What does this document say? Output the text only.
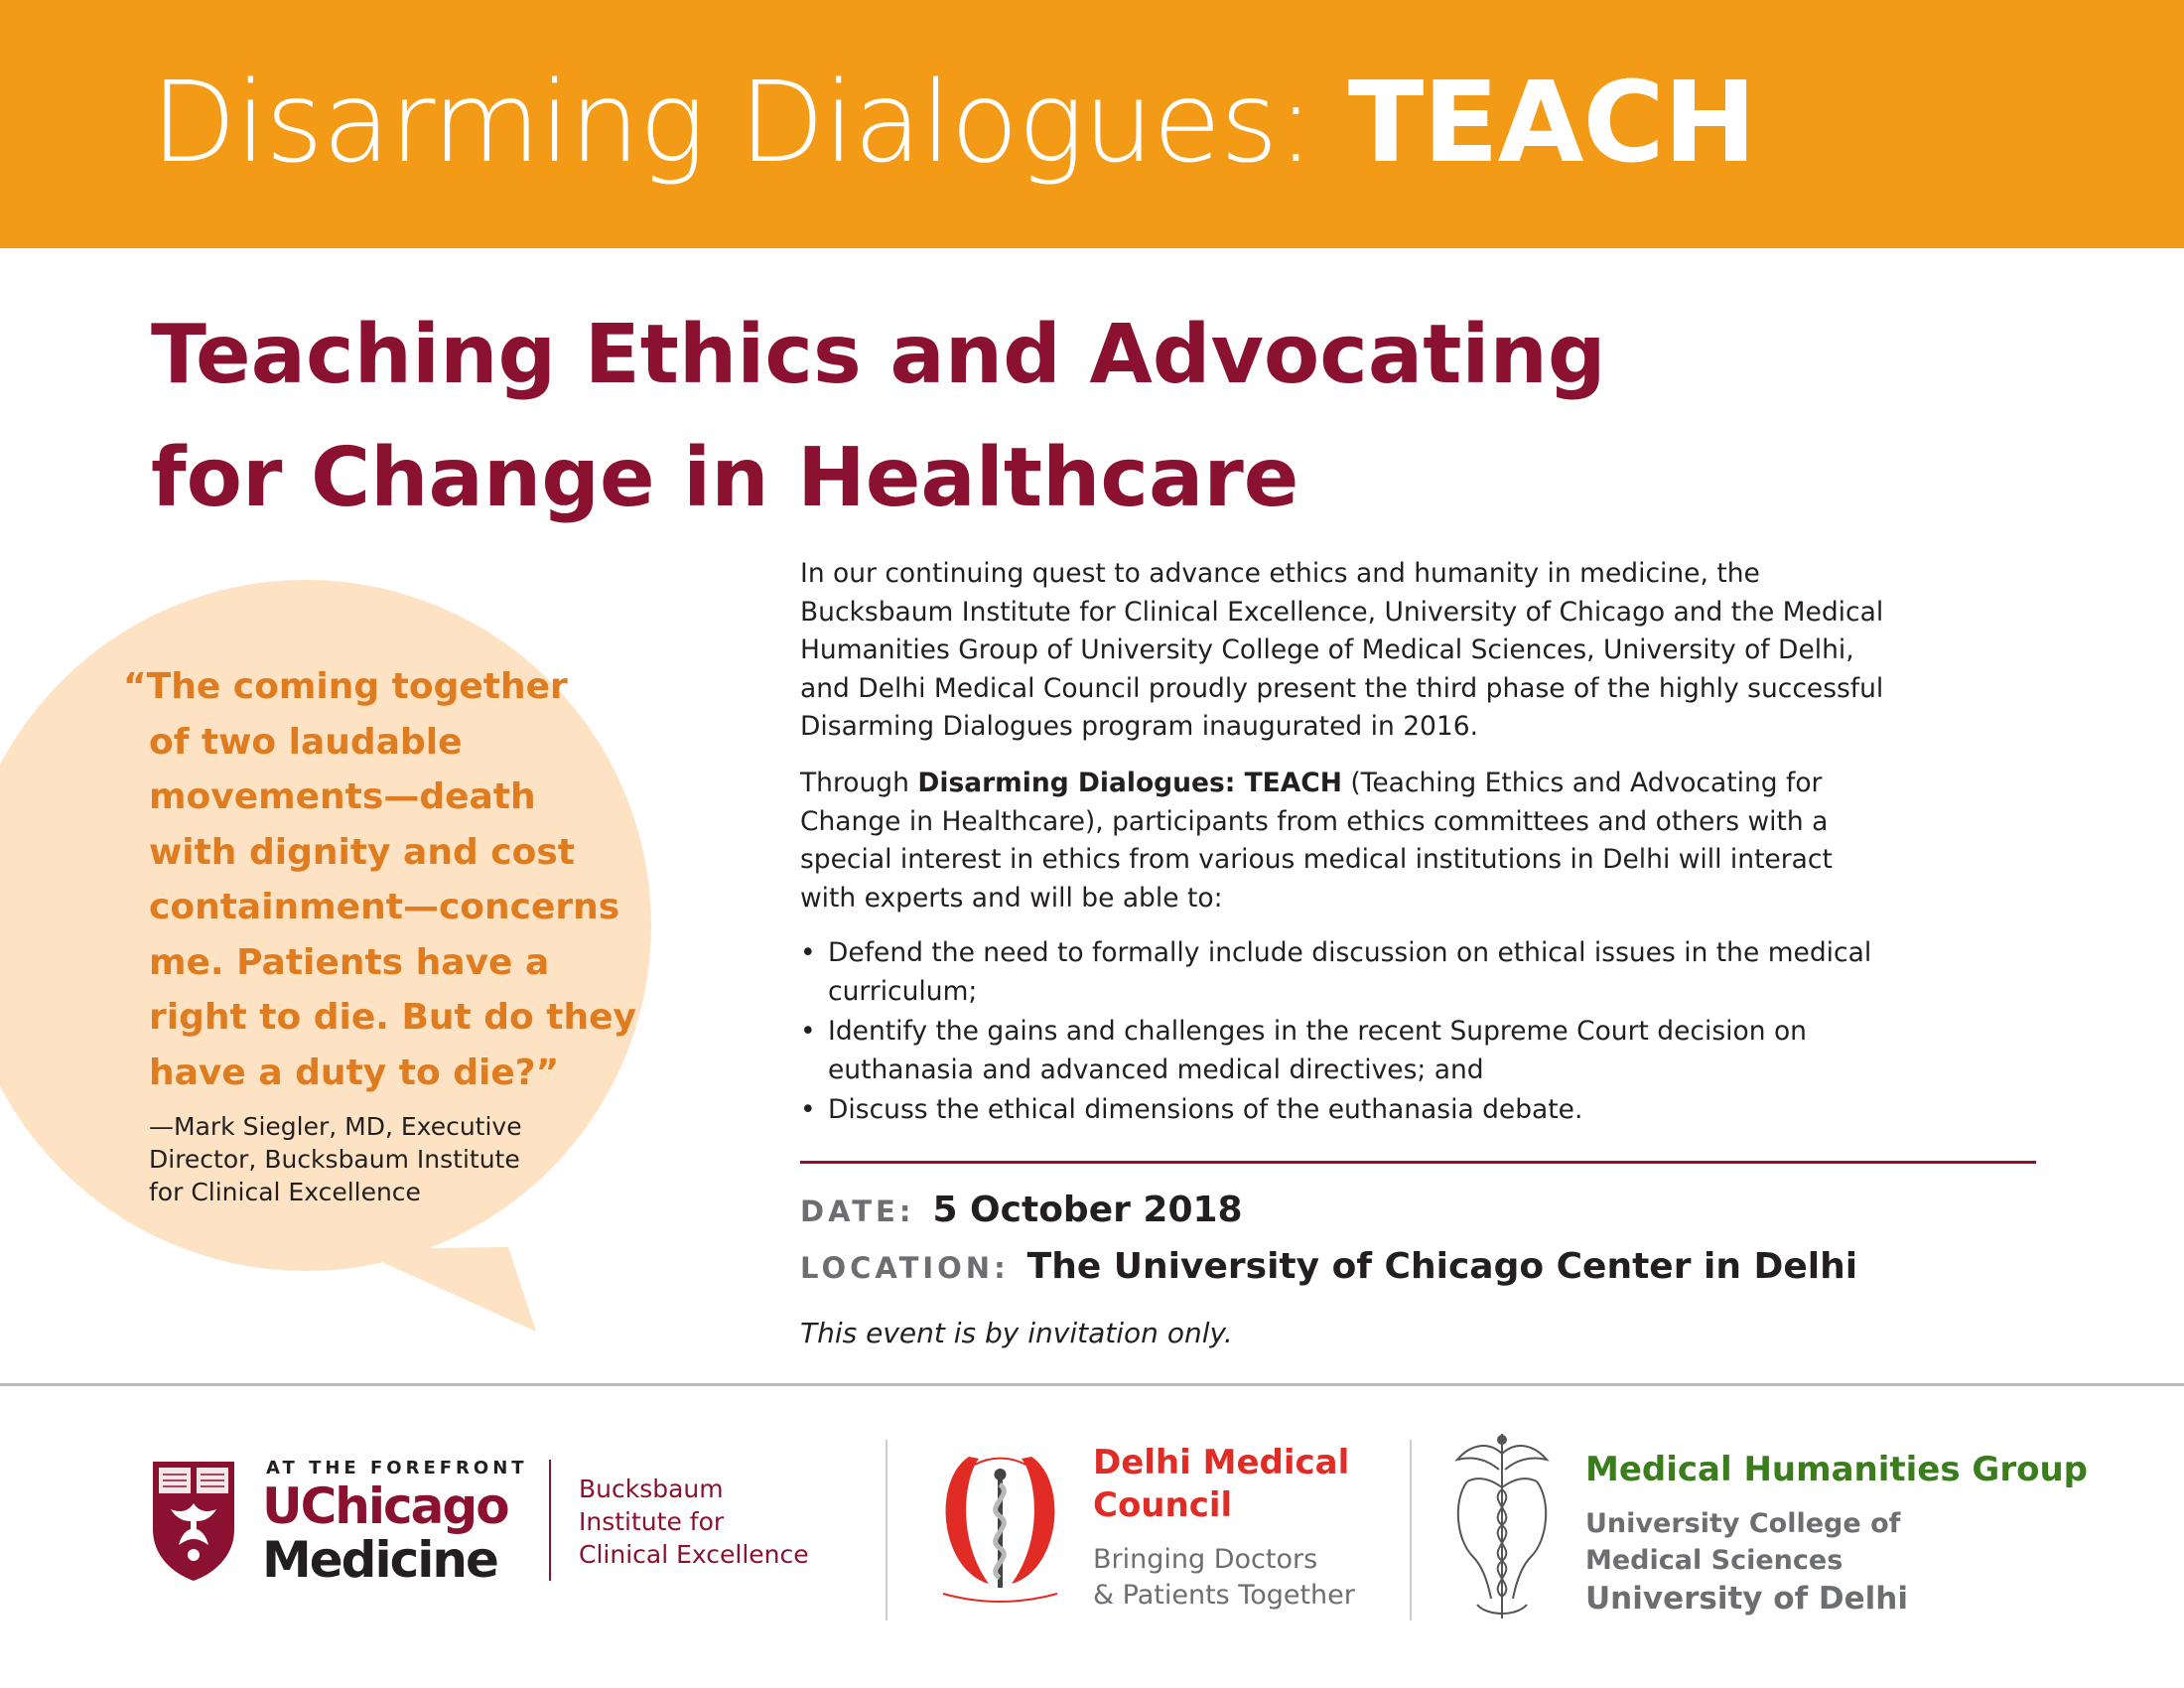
Disarming Dialogues: TEACH
Teaching Ethics and Advocating
for Change in Healthcare
“The coming together
of two laudable
movements—death
with dignity and cost
containment—concerns
me. Patients have a
right to die. But do they
have a duty to die?”
—Mark Siegler, MD, Executive
Director, Bucksbaum Institute
for Clinical Excellence
In our continuing quest to advance ethics and humanity in medicine, the
Bucksbaum Institute for Clinical Excellence, University of Chicago and the Medical
Humanities Group of University College of Medical Sciences, University of Delhi,
and Delhi Medical Council proudly present the third phase of the highly successful
Disarming Dialogues program inaugurated in 2016.
Through Disarming Dialogues: TEACH (Teaching Ethics and Advocating for
Change in Healthcare), participants from ethics committees and others with a
special interest in ethics from various medical institutions in Delhi will interact
with experts and will be able to:
• Defend the need to formally include discussion on ethical issues in the medical
curriculum;
• Identify the gains and challenges in the recent Supreme Court decision on
euthanasia and advanced medical directives; and
• Discuss the ethical dimensions of the euthanasia debate.
DATE: 5 October 2018
LOCATION: The University of Chicago Center in Delhi

This event is by invitation only.

AT THE FOREFRONT

UChicago

Medicine

Bucksbaum
Institute for
Clinical Excellence
Delhi Medical
Council
Bringing Doctors
& Patients Together

Medical Humanities Group

University College of
Medical Sciences

University of Delhi
